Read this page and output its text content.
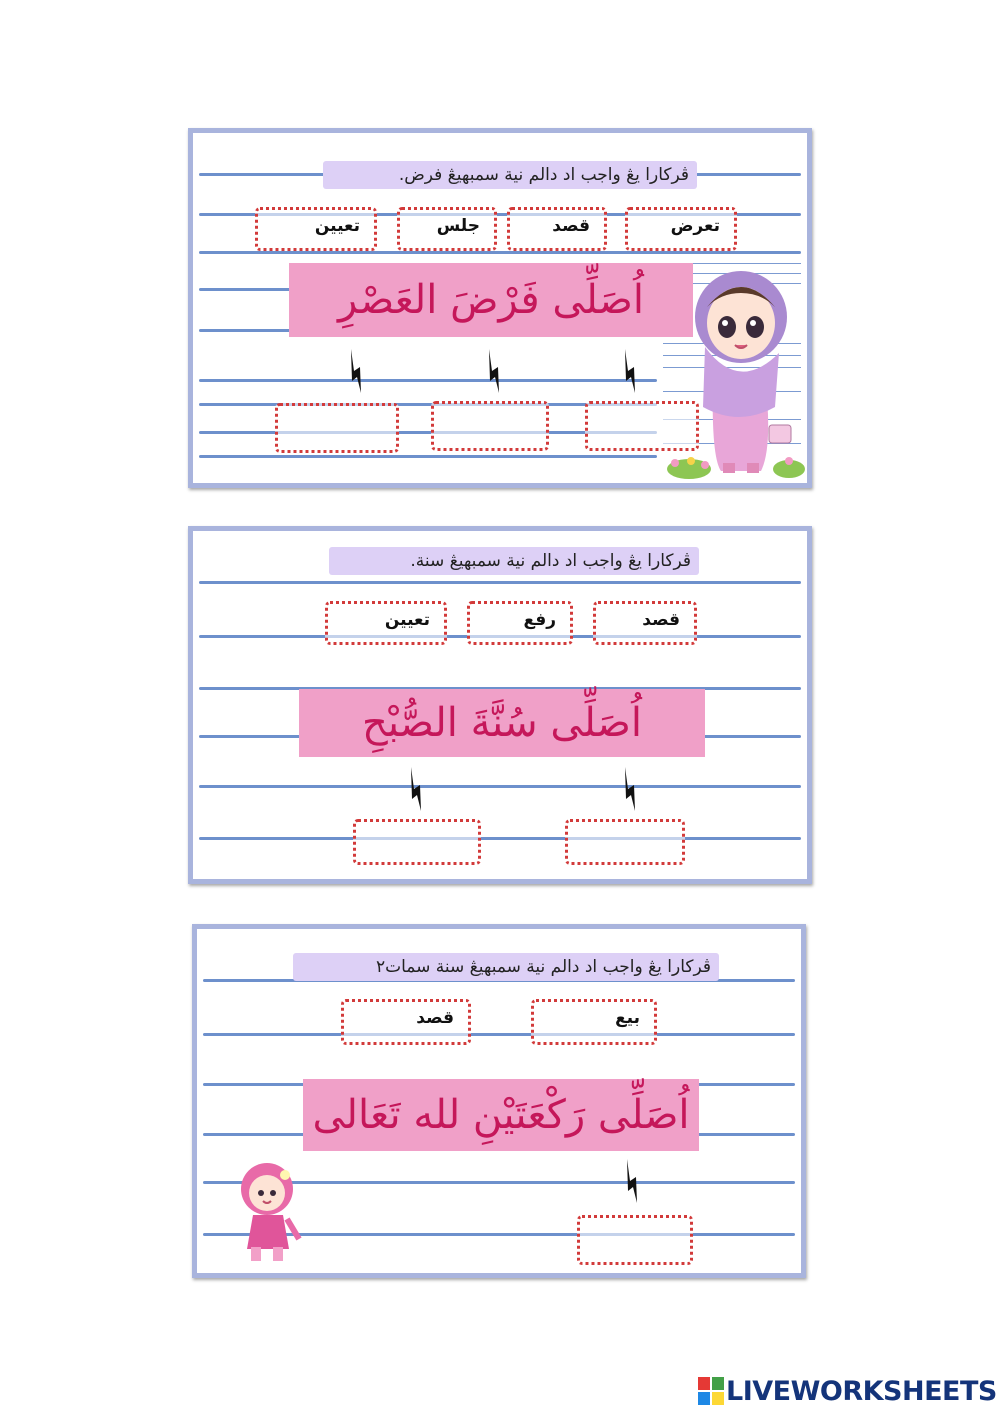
ڤركارا يڠ واجب اد دالم نية سمبهيڠ فرض.
تعرض
قصد
جلس
تعيين
اُصَلِّى فَرْضَ العَصْرِ
ڤركارا يڠ واجب اد دالم نية سمبهيڠ سنة.
قصد
رفع
تعيين
اُصَلِّى سُنَّةَ الصُّبْحِ
ڤركارا يڠ واجب اد دالم نية سمبهيڠ سنة سمات٢
بيع
قصد
اُصَلِّى رَكْعَتَيْنِ لله تَعَالى
LIVEWORKSHEETS
